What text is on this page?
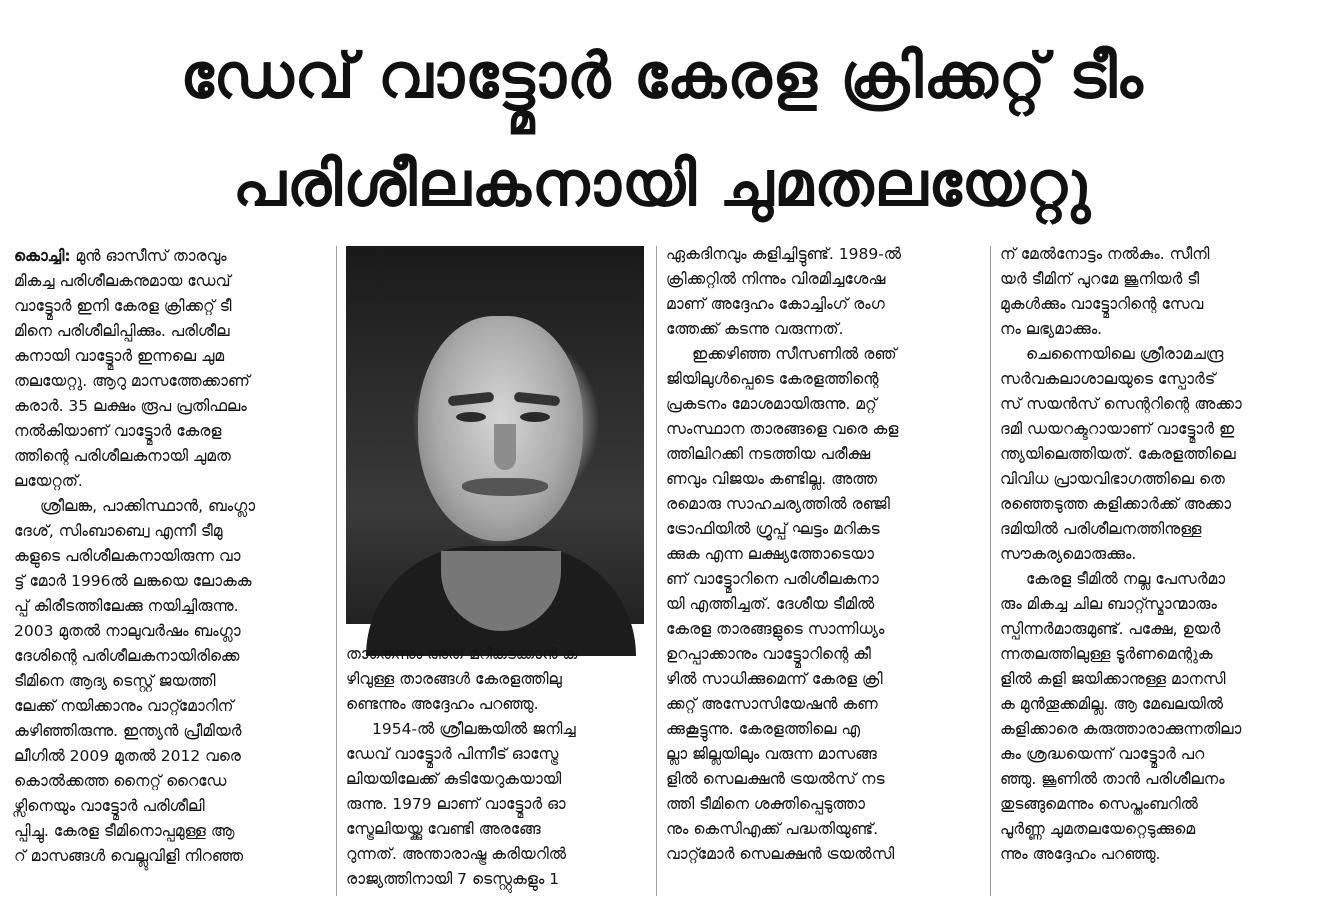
ഡേവ് വാട്ട്മോർ കേരള ക്രിക്കറ്റ് ടീം
പരിശീലകനായി ചുമതലയേറ്റു
കൊച്ചി: മുൻ ഓസീസ് താരവും
മികച്ച പരിശീലകനുമായ ഡേവ്
വാട്ട്മോർ ഇനി കേരള ക്രിക്കറ്റ് ടീ
മിനെ പരിശീലിപ്പിക്കും. പരിശീല
കനായി വാട്ട്മോർ ഇന്നലെ ചുമ
തലയേറ്റു. ആറു മാസത്തേക്കാണ്
കരാർ. 35 ലക്ഷം രൂപ പ്രതിഫലം
നൽകിയാണ് വാട്ട്മോർ കേരള
ത്തിന്റെ പരിശീലകനായി ചുമത
ലയേറ്റത്.
ശ്രീലങ്ക, പാക്കിസ്ഥാൻ, ബംഗ്ലാ
ദേശ്, സിംബാബ്വെ എന്നീ ടീമു
കളുടെ പരിശീലകനായിരുന്ന വാ
ട്ട് മോർ 1996ൽ ലങ്കയെ ലോകക
പ്പ് കിരീടത്തിലേക്കു നയിച്ചിരുന്നു.
2003 മുതൽ നാലുവർഷം ബംഗ്ലാ
ദേശിന്റെ പരിശീലകനായിരിക്കെ
ടീമിനെ ആദ്യ ടെസ്റ്റ് ജയത്തി
ലേക്ക് നയിക്കാനും വാറ്റ്മോറിന്
കഴിഞ്ഞിരുന്നു. ഇന്ത്യൻ പ്രീമിയർ
ലീഗിൽ 2009 മുതൽ 2012 വരെ
കൊൽക്കത്ത നൈറ്റ് റൈഡേ
ഴ്സിനെയും വാട്ട്മോർ പരിശീലി
പ്പിച്ചു. കേരള ടീമിനൊപ്പമുള്ള ആ
റ് മാസങ്ങൾ വെല്ലുവിളി നിറഞ്ഞ
താതെന്നും അത് മറികടക്കാൻ ക
ഴിവുള്ള താരങ്ങൾ കേരളത്തിലു
ണ്ടെന്നും അദ്ദേഹം പറഞ്ഞു.
1954-ൽ ശ്രീലങ്കയിൽ ജനിച്ച
ഡേവ് വാട്ട്മോർ പിന്നീട് ഓസ്ട്രേ
ലിയയിലേക്ക് കുടിയേറുകയായി
രുന്നു. 1979 ലാണ് വാട്ട്മോർ ഓ
സ്ട്രേലിയയ്ക്കു വേണ്ടി അരങ്ങേ
റുന്നത്. അന്താരാഷ്ട്ര കരിയറിൽ
രാജ്യത്തിനായി 7 ടെസ്റ്റുകളും 1
ഏകദിനവും കളിച്ചിട്ടുണ്ട്. 1989-ൽ
ക്രിക്കറ്റിൽ നിന്നും വിരമിച്ചശേഷ
മാണ് അദ്ദേഹം കോച്ചിംഗ് രംഗ
ത്തേക്ക് കടന്നു വരുന്നത്.
ഇക്കഴിഞ്ഞ സീസണിൽ രഞ്
ജിയിലുൾപ്പെടെ കേരളത്തിന്റെ
പ്രകടനം മോശമായിരുന്നു. മറ്റ്
സംസ്ഥാന താരങ്ങളെ വരെ കള
ത്തിലിറക്കി നടത്തിയ പരീക്ഷ
ണവും വിജയം കണ്ടില്ല. അത്ത
രമൊരു സാഹചര്യത്തിൽ രഞ്ജി
ട്രോഫിയിൽ ഗ്രൂപ്പ് ഘട്ടം മറികട
ക്കുക എന്ന ലക്ഷ്യത്തോടെയാ
ണ് വാട്ട്മോറിനെ പരിശീലകനാ
യി എത്തിച്ചത്. ദേശീയ ടീമിൽ
കേരള താരങ്ങളുടെ സാന്നിധ്യം
ഉറപ്പാക്കാനും വാട്ട്മോറിന്റെ കീ
ഴിൽ സാധിക്കുമെന്ന് കേരള ക്രി
ക്കറ്റ് അസോസിയേഷൻ കണ
ക്കുകൂട്ടുന്നു. കേരളത്തിലെ എ
ല്ലാ ജില്ലയിലും വരുന്ന മാസങ്ങ
ളിൽ സെലക്ഷൻ ട്രയൽസ് നട
ത്തി ടീമിനെ ശക്തിപ്പെടുത്താ
നും കെസിഎക്ക് പദ്ധതിയുണ്ട്.
വാറ്റ്മോർ സെലക്ഷൻ ട്രയൽസി
ന് മേൽനോട്ടം നൽകും. സീനി
യർ ടീമിന് പുറമേ ജൂനിയർ ടീ
മുകൾക്കും വാട്ട്മോറിന്റെ സേവ
നം ലഭ്യമാക്കും.
ചെന്നൈയിലെ ശ്രീരാമചന്ദ്ര
സർവകലാശാലയുടെ സ്പോർട്
സ് സയൻസ് സെന്ററിന്റെ അക്കാ
ദമി ഡയറക്ടറായാണ് വാട്ട്മോർ ഇ
ന്ത്യയിലെത്തിയത്. കേരളത്തിലെ
വിവിധ പ്രായവിഭാഗത്തിലെ തെ
രഞ്ഞെടുത്ത കളിക്കാർക്ക് അക്കാ
ദമിയിൽ പരിശീലനത്തിനുള്ള
സൗകര്യമൊരുക്കും.
കേരള ടീമിൽ നല്ല പേസർമാ
രും മികച്ച ചില ബാറ്റ്സ്മാന്മാരും
സ്പിന്നർമാരുമുണ്ട്. പക്ഷേ, ഉയർ
ന്നതലത്തിലുള്ള ടൂർണമെന്റുക
ളിൽ കളി ജയിക്കാനുള്ള മാനസി
ക മുൻതൂക്കമില്ല. ആ മേഖലയിൽ
കളിക്കാരെ കരുത്താരാക്കുന്നതിലാ
കും ശ്രദ്ധയെന്ന് വാട്ട്മോർ പറ
ഞ്ഞു. ജൂണിൽ താൻ പരിശീലനം
തുടങ്ങുമെന്നും സെപ്തംബറിൽ
പൂർണ്ണ ചുമതലയേറ്റെടുക്കുമെ
ന്നും അദ്ദേഹം പറഞ്ഞു.
